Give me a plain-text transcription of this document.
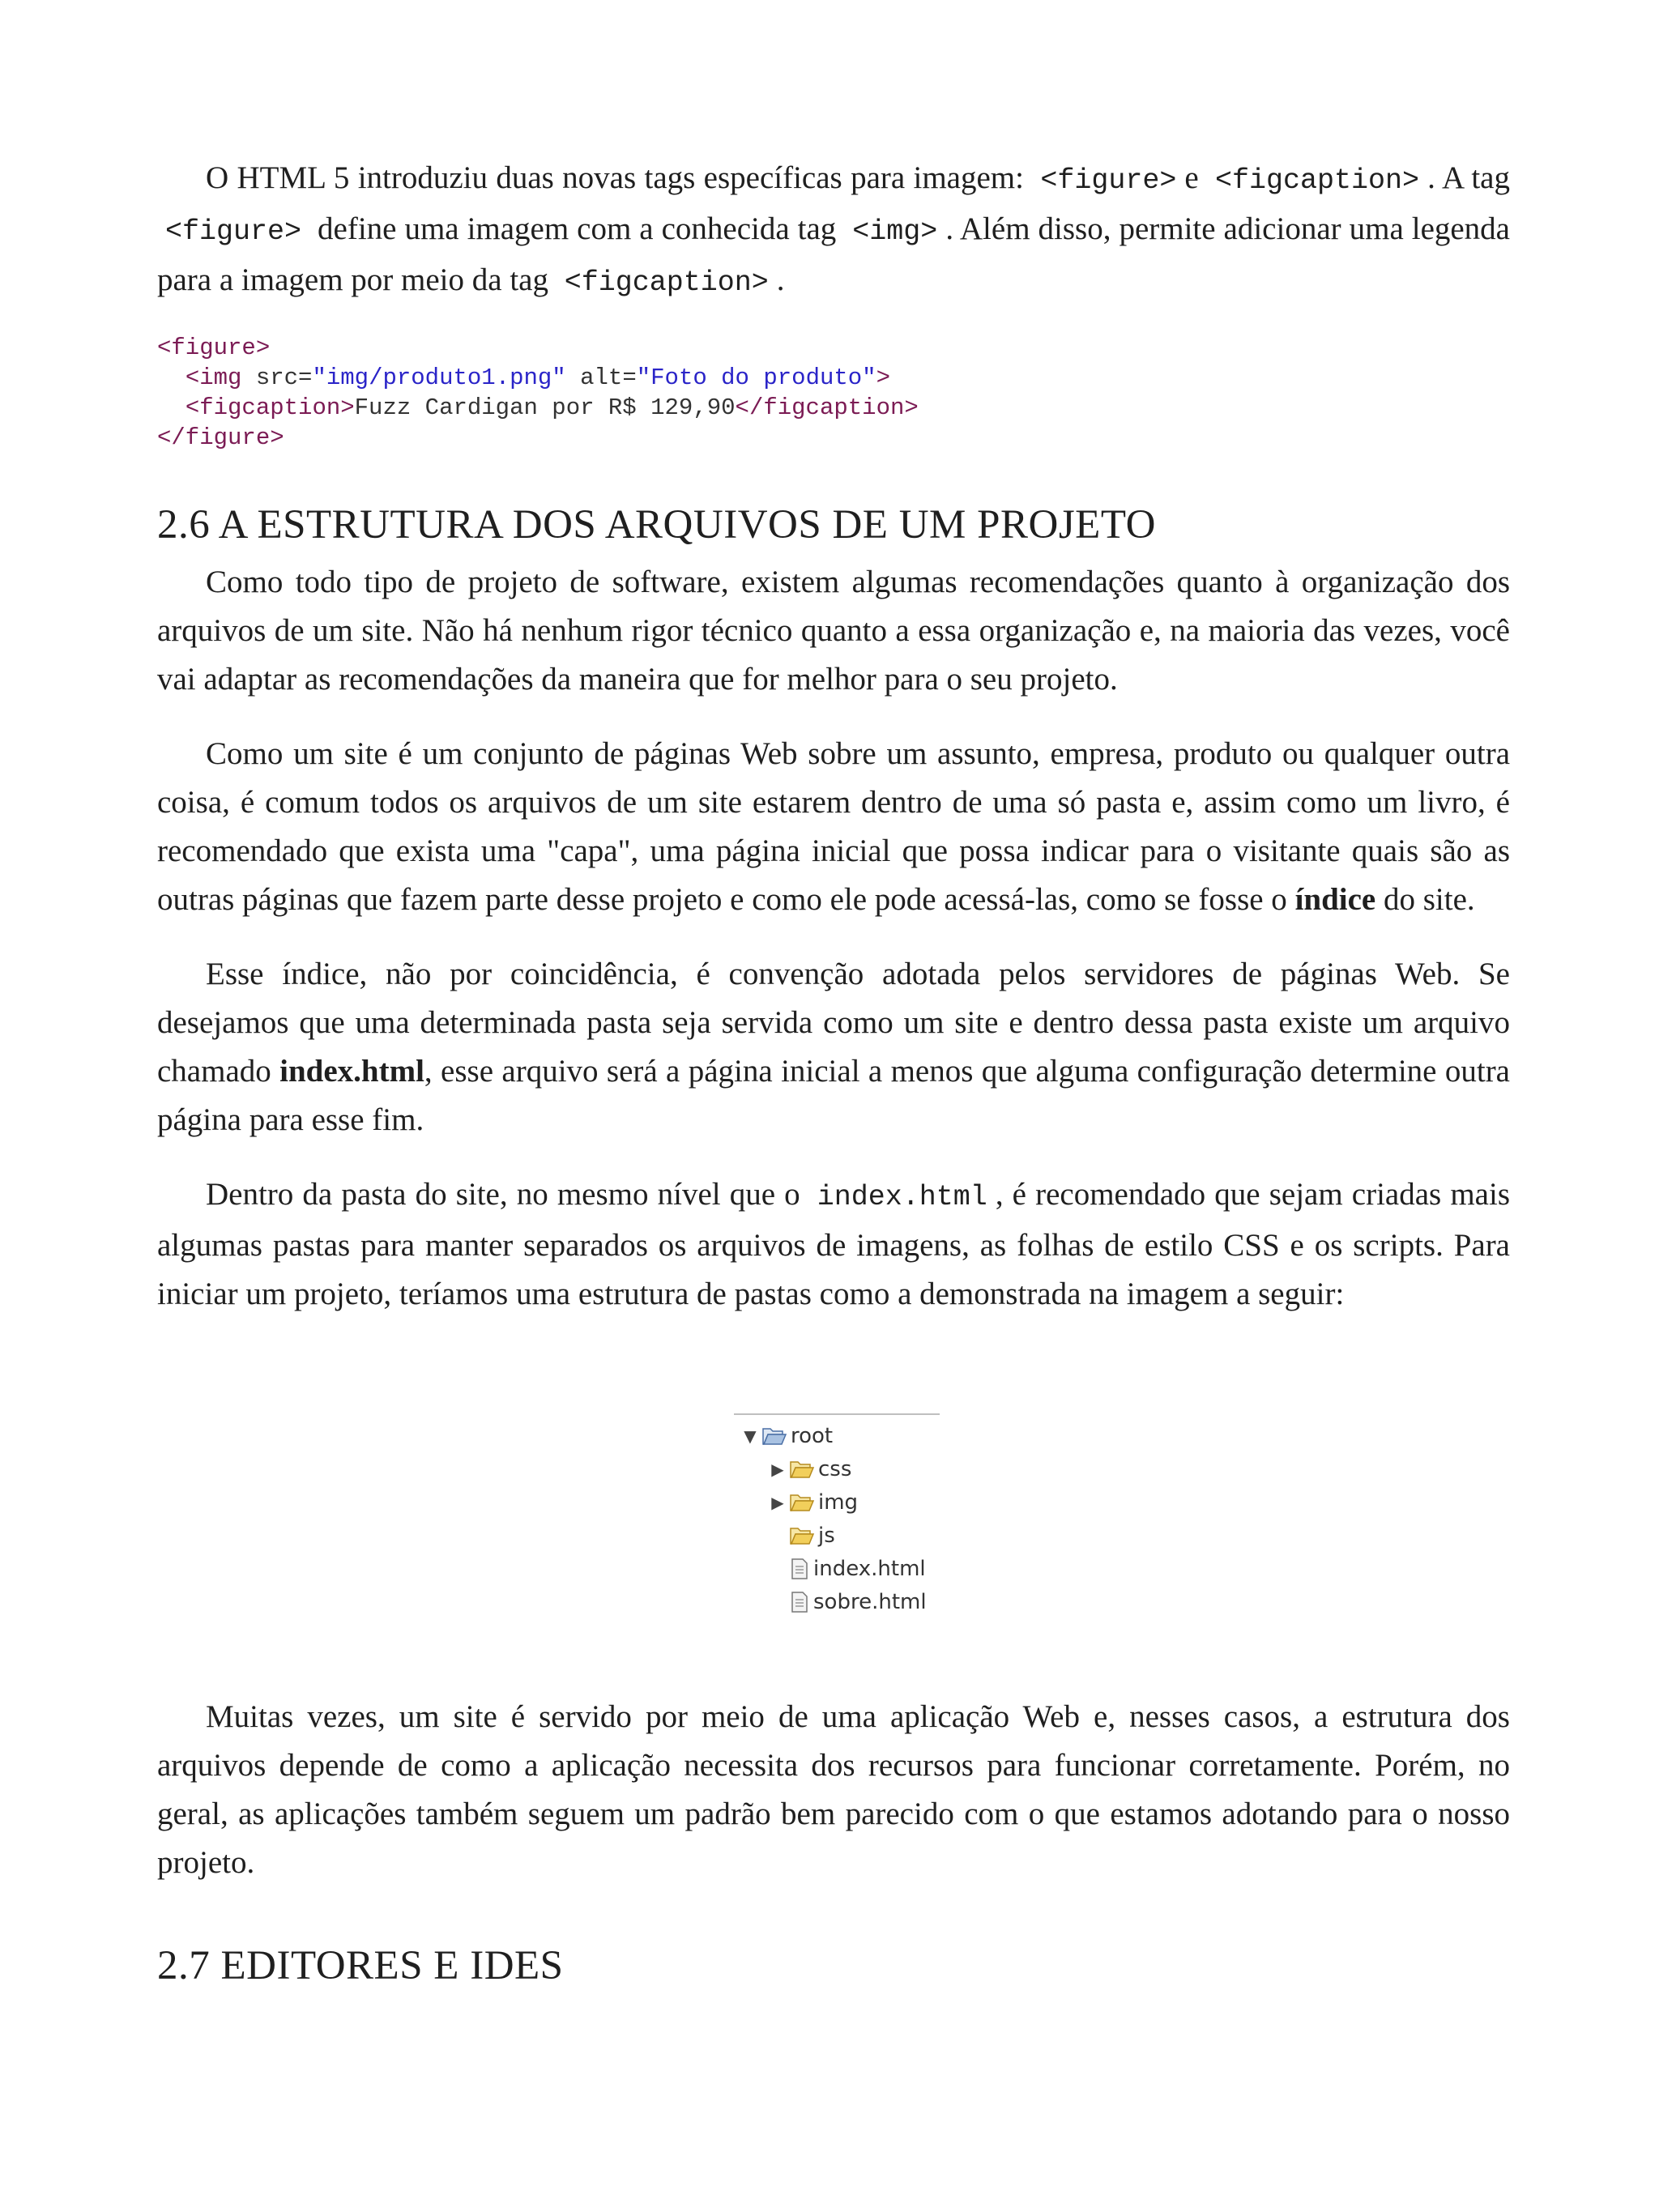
O HTML 5 introduziu duas novas tags específicas para imagem: <figure> e <figcaption> . A tag <figure> define uma imagem com a conhecida tag <img> . Além disso, permite adicionar uma legenda para a imagem por meio da tag <figcaption> .

<figure>
<img src="img/produto1.png" alt="Foto do produto">
<figcaption>Fuzz Cardigan por R$ 129,90</figcaption>
</figure>
2.6 A ESTRUTURA DOS ARQUIVOS DE UM PROJETO

Como todo tipo de projeto de software, existem algumas recomendações quanto à organização dos arquivos de um site. Não há nenhum rigor técnico quanto a essa organização e, na maioria das vezes, você vai adaptar as recomendações da maneira que for melhor para o seu projeto.

Como um site é um conjunto de páginas Web sobre um assunto, empresa, produto ou qualquer outra coisa, é comum todos os arquivos de um site estarem dentro de uma só pasta e, assim como um livro, é recomendado que exista uma "capa", uma página inicial que possa indicar para o visitante quais são as outras páginas que fazem parte desse projeto e como ele pode acessá-las, como se fosse o índice do site.

Esse índice, não por coincidência, é convenção adotada pelos servidores de páginas Web. Se desejamos que uma determinada pasta seja servida como um site e dentro dessa pasta existe um arquivo chamado index.html, esse arquivo será a página inicial a menos que alguma configuração determine outra página para esse fim.

Dentro da pasta do site, no mesmo nível que o index.html , é recomendado que sejam criadas mais algumas pastas para manter separados os arquivos de imagens, as folhas de estilo CSS e os scripts. Para iniciar um projeto, teríamos uma estrutura de pastas como a demonstrada na imagem a seguir:

▼ root
▶ css
▶ img
js
index.html
sobre.html

Muitas vezes, um site é servido por meio de uma aplicação Web e, nesses casos, a estrutura dos arquivos depende de como a aplicação necessita dos recursos para funcionar corretamente. Porém, no geral, as aplicações também seguem um padrão bem parecido com o que estamos adotando para o nosso projeto.

2.7 EDITORES E IDES
